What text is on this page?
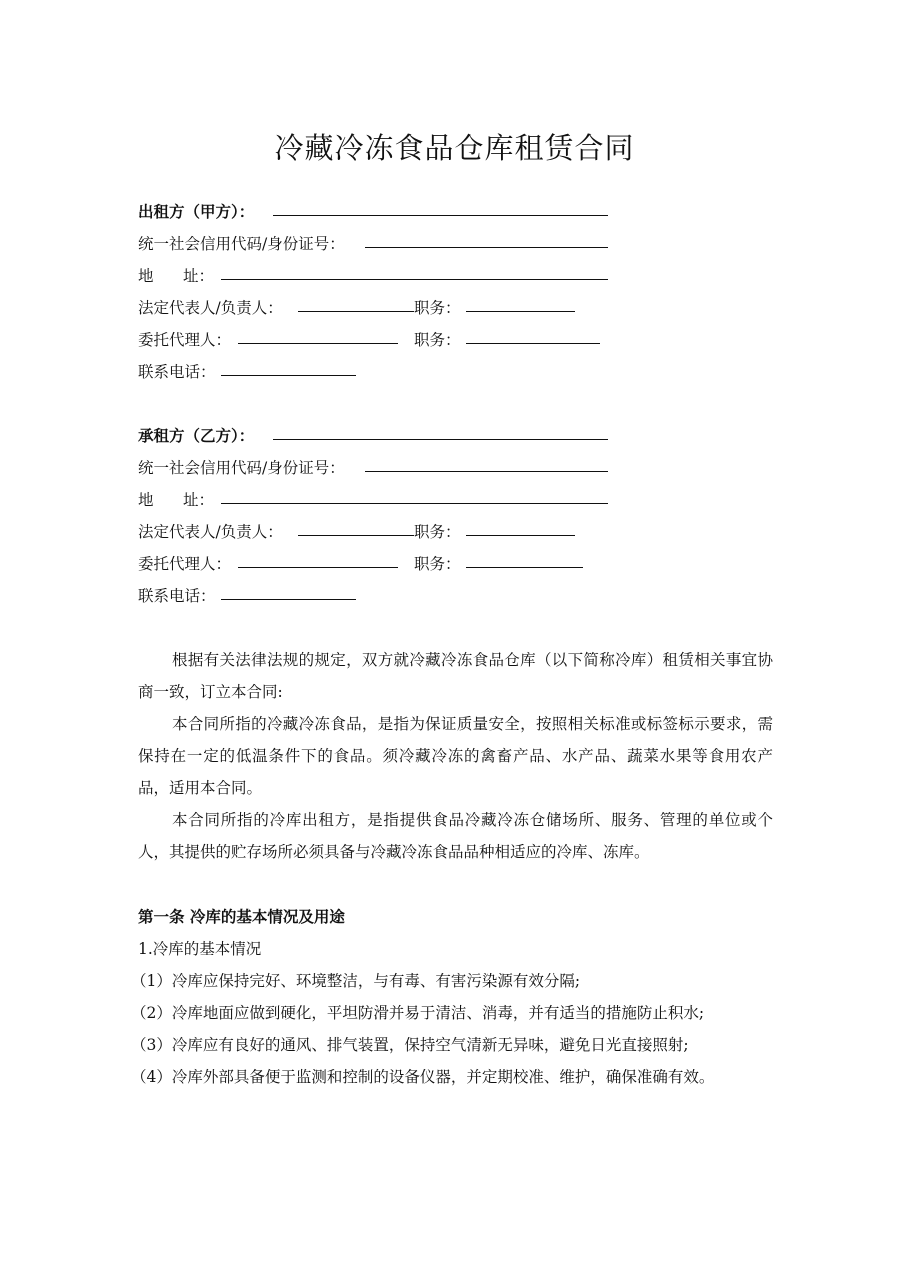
冷藏冷冻食品仓库租赁合同
出租方（甲方）：
统一社会信用代码/身份证号：
地      址：
法定代表人/负责人：	职务：
委托代理人：	职务：
联系电话：
承租方（乙方）：
统一社会信用代码/身份证号：
地      址：
法定代表人/负责人：	职务：
委托代理人：	职务：
联系电话：

根据有关法律法规的规定，双方就冷藏冷冻食品仓库（以下简称冷库）租赁相关事宜协商一致，订立本合同:

本合同所指的冷藏冷冻食品，是指为保证质量安全，按照相关标准或标签标示要求，需保持在一定的低温条件下的食品。须冷藏冷冻的禽畜产品、水产品、蔬菜水果等食用农产品，适用本合同。

本合同所指的冷库出租方，是指提供食品冷藏冷冻仓储场所、服务、管理的单位或个人，其提供的贮存场所必须具备与冷藏冷冻食品品种相适应的冷库、冻库。

第一条 冷库的基本情况及用途
1.冷库的基本情况
（1）冷库应保持完好、环境整洁，与有毒、有害污染源有效分隔;
（2）冷库地面应做到硬化，平坦防滑并易于清洁、消毒，并有适当的措施防止积水;
（3）冷库应有良好的通风、排气装置，保持空气清新无异味，避免日光直接照射;
（4）冷库外部具备便于监测和控制的设备仪器，并定期校准、维护，确保准确有效。
